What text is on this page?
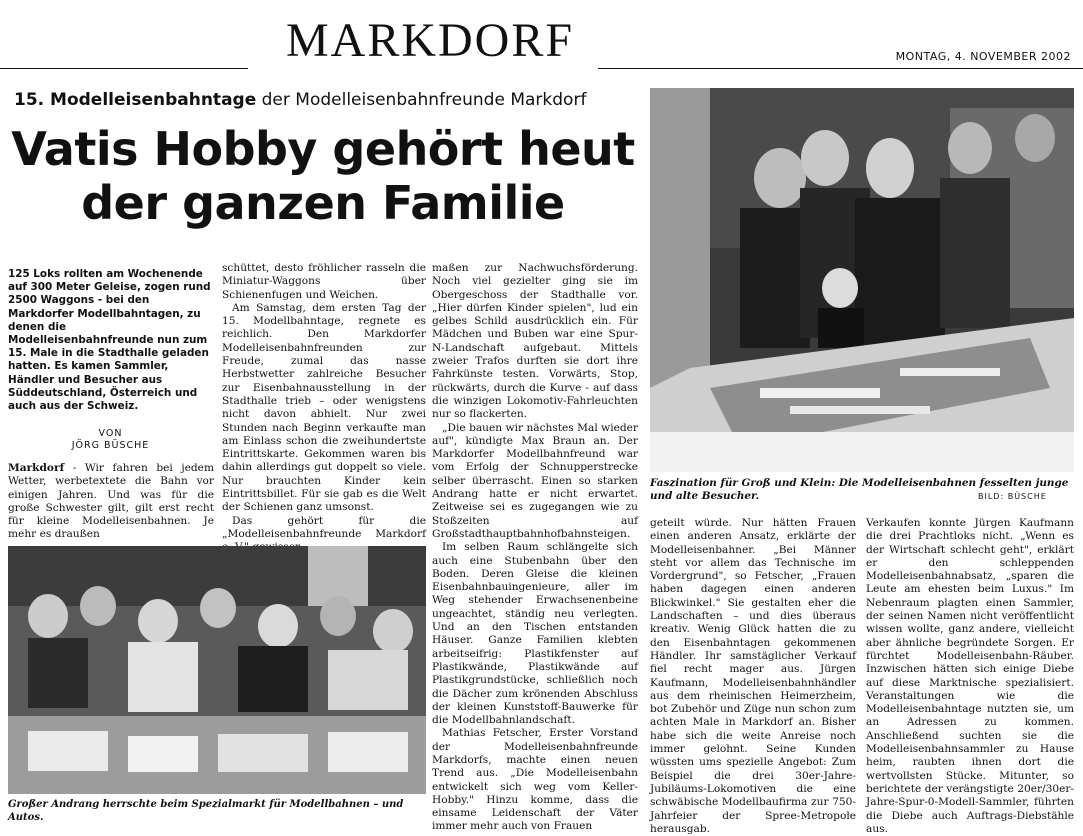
MARKDORF	MONTAG, 4. NOVEMBER 2002
15. Modelleisenbahntage der Modelleisenbahnfreunde Markdorf
Vatis Hobby gehört heut
der ganzen Familie
125 Loks rollten am Wochenende auf 300 Meter Geleise, zogen rund 2500 Waggons - bei den Markdorfer Modellbahntagen, zu denen die Modelleisenbahnfreunde nun zum 15. Male in die Stadthalle geladen hatten. Es kamen Sammler, Händler und Besucher aus Süddeutschland, Österreich und auch aus der Schweiz.
VON
JÖRG BÜSCHE

Markdorf - Wir fahren bei jedem Wetter, werbetextete die Bahn vor einigen Jahren. Und was für die große Schwester gilt, gilt erst recht für kleine Modelleisenbahnen. Je mehr es draußen

schüttet, desto fröhlicher rasseln die Miniatur-Waggons über Schienenfugen und Weichen.

Am Samstag, dem ersten Tag der 15. Modellbahntage, regnete es reichlich. Den Markdorfer Modelleisenbahnfreunden zur Freude, zumal das nasse Herbstwetter zahlreiche Besucher zur Eisenbahnausstellung in der Stadthalle trieb – oder wenigstens nicht davon abhielt. Nur zwei Stunden nach Beginn verkaufte man am Einlass schon die zweihundertste Eintrittskarte. Gekommen waren bis dahin allerdings gut doppelt so viele. Nur brauchten Kinder kein Eintrittsbillet. Für sie gab es die Welt der Schienen ganz umsonst.

Das gehört für die „Modelleisenbahnfreunde Markdorf

maßen zur Nachwuchsförderung. Noch viel gezielter ging sie im Obergeschoss der Stadthalle vor. „Hier dürfen Kinder spielen", lud ein gelbes Schild ausdrücklich ein. Für Mädchen und Buben war eine Spur-N-Landschaft aufgebaut. Mittels zweier Trafos durften sie dort ihre Fahrkünste testen. Vorwärts, Stop, rückwärts, durch die Kurve - auf dass die winzigen Lokomotiv-Fahrleuchten nur so flackerten.

„Die bauen wir nächstes Mal wieder auf", kündigte Max Braun an. Der Markdorfer Modellbahnfreund war vom Erfolg der Schnupperstrecke selber überrascht. Einen so starken Andrang hatte er nicht erwartet. Zeitweise sei es zugegangen wie zu Stoßzeiten auf Großstadthauptbahnhofbahnsteigen.

Im selben Raum schlängelte sich auch eine Stubenbahn über den Boden. Deren Gleise die kleinen Eisenbahnbauingenieure, aller im Weg stehender Erwachsenenbeine ungeachtet, ständig neu verlegten. Und an den Tischen entstanden Häuser. Ganze Familien klebten arbeitseifrig: Plastikfenster auf Plastikwände, Plastikwände auf Plastikgrundstücke, schließlich noch die Dächer zum krönenden Abschluss der kleinen Kunststoff-Bauwerke für die Modellbahnlandschaft.

Mathias Fetscher, Erster Vorstand der Modelleisenbahnfreunde Markdorfs, machte einen neuen Trend aus. „Die Modelleisenbahn entwickelt sich weg vom Keller-Hobby." Hinzu komme, dass die einsame Leidenschaft der Väter immer mehr auch von Frauen

geteilt würde. Nur hätten Frauen einen anderen Ansatz, erklärte der Modelleisenbahner. „Bei Männer steht vor allem das Technische im Vordergrund", so Fetscher, „Frauen haben dagegen einen anderen Blickwinkel." Sie gestalten eher die Landschaften – und dies überaus kreativ. Wenig Glück hatten die zu den Eisenbahntagen gekommenen Händler. Ihr samstäglicher Verkauf fiel recht mager aus. Jürgen Kaufmann, Modelleisenbahnhändler aus dem rheinischen Heimerzheim, bot Zubehör und Züge nun schon zum achten Male in Markdorf an. Bisher habe sich die weite Anreise noch immer gelohnt. Seine Kunden wüssten ums spezielle Angebot: Zum Beispiel die drei 30er-Jahre-Jubiläums-Lokomotiven die eine schwäbische Modellbaufirma zur 750-Jahrfeier der Spree-Metropole herausgab.

Verkaufen konnte Jürgen Kaufmann die drei Prachtloks nicht. „Wenn es der Wirtschaft schlecht geht", erklärt er den schleppenden Modelleisenbahnabsatz, „sparen die Leute am ehesten beim Luxus." Im Nebenraum plagten einen Sammler, der seinen Namen nicht veröffentlicht wissen wollte, ganz andere, vielleicht aber ähnliche begründete Sorgen. Er fürchtet Modelleisenbahn-Räuber. Inzwischen hätten sich einige Diebe auf diese Marktnische spezialisiert. Veranstaltungen wie die Modelleisenbahntage nutzten sie, um an Adressen zu kommen. Anschließend suchten sie die Modelleisenbahnsammler zu Hause heim, raubten ihnen dort die wertvollsten Stücke. Mitunter, so berichtete der verängstigte 20er/30er-Jahre-Spur-0-Modell-Sammler, führten die Diebe auch Auftrags-Diebstähle aus.

Faszination für Groß und Klein: Die Modelleisenbahnen fesselten junge und alte Besucher.	BILD: BÜSCHE
Großer Andrang herrschte beim Spezialmarkt für Modellbahnen – und Autos.
